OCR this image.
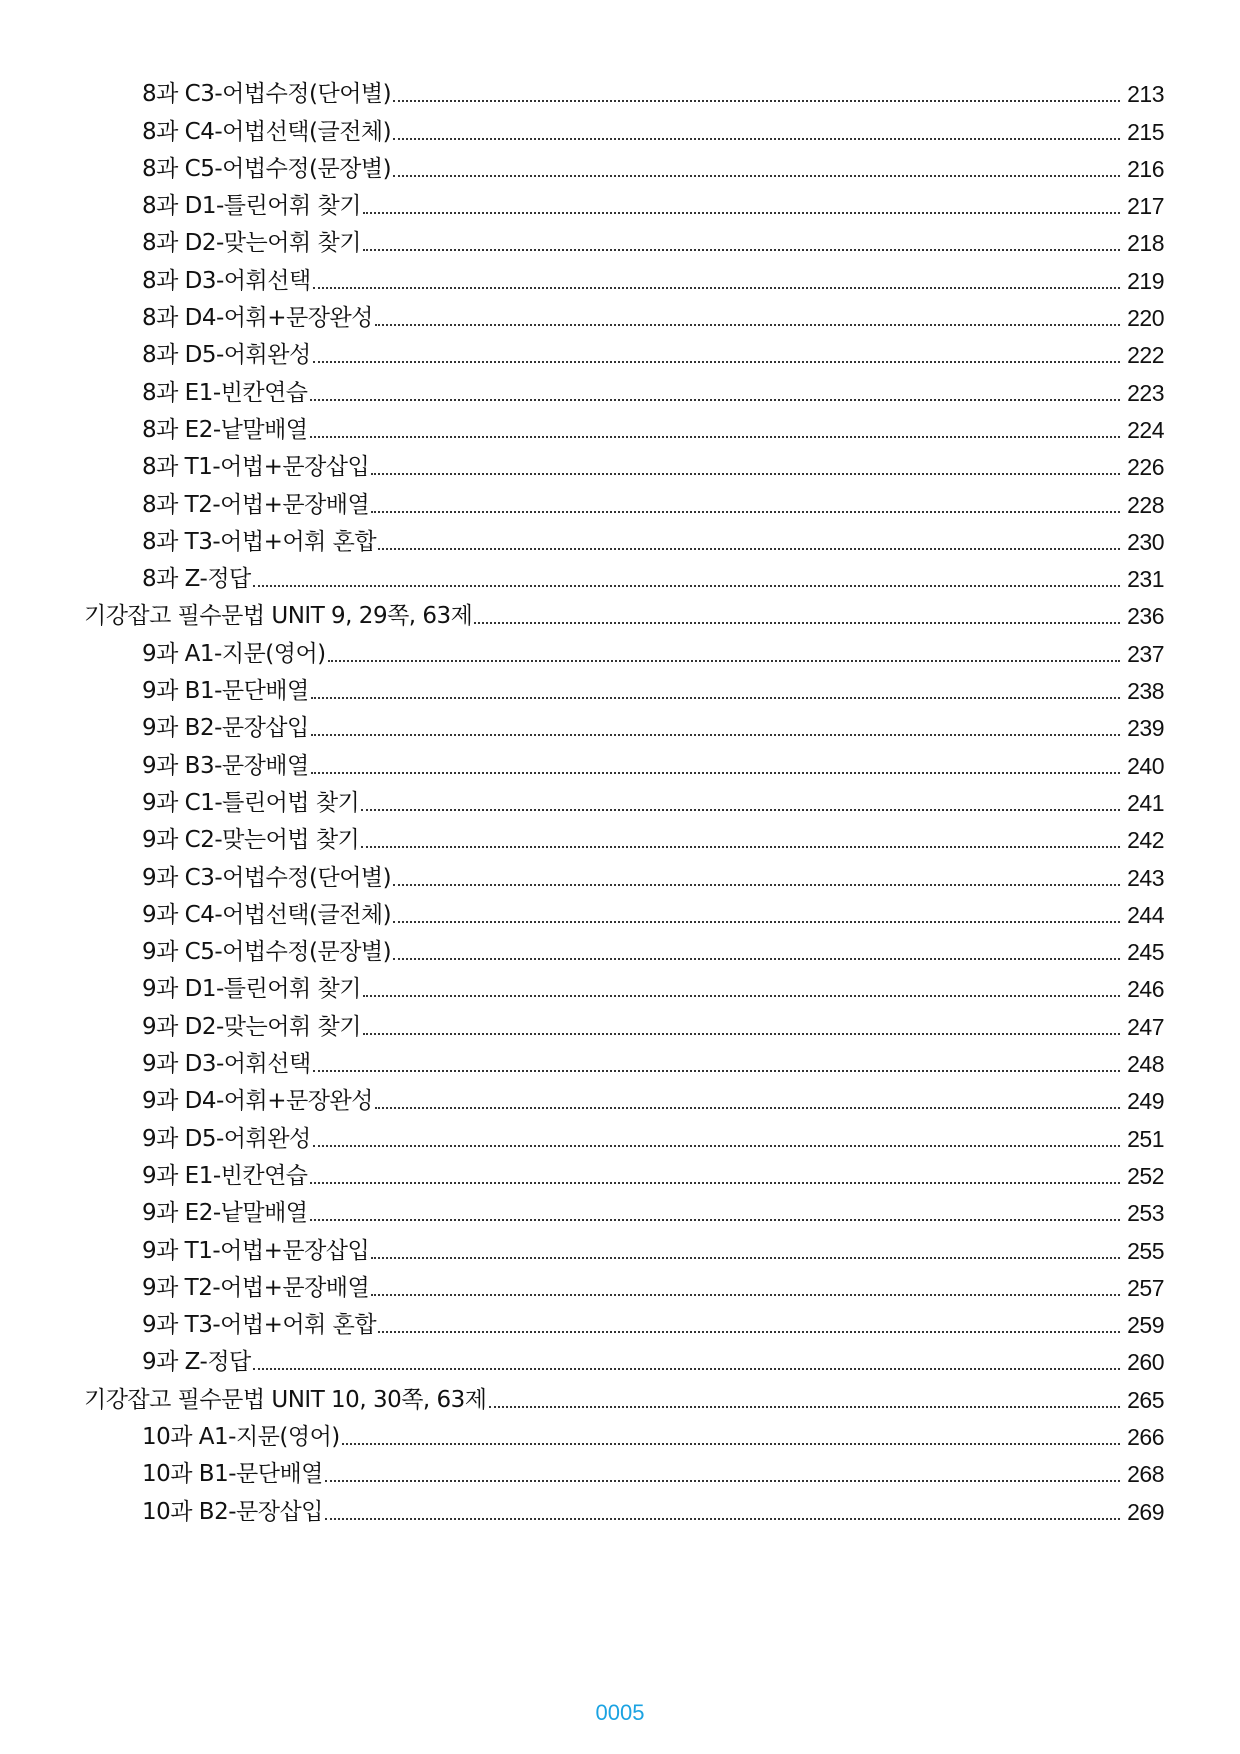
8과 C3-어법수정(단어별)	213
8과 C4-어법선택(글전체)	215
8과 C5-어법수정(문장별)	216
8과 D1-틀린어휘 찾기	217
8과 D2-맞는어휘 찾기	218
8과 D3-어휘선택	219
8과 D4-어휘+문장완성	220
8과 D5-어휘완성	222
8과 E1-빈칸연습	223
8과 E2-낱말배열	224
8과 T1-어법+문장삽입	226
8과 T2-어법+문장배열	228
8과 T3-어법+어휘 혼합	230
8과 Z-정답	231
기강잡고 필수문법 UNIT 9, 29쪽, 63제	236
9과 A1-지문(영어)	237
9과 B1-문단배열	238
9과 B2-문장삽입	239
9과 B3-문장배열	240
9과 C1-틀린어법 찾기	241
9과 C2-맞는어법 찾기	242
9과 C3-어법수정(단어별)	243
9과 C4-어법선택(글전체)	244
9과 C5-어법수정(문장별)	245
9과 D1-틀린어휘 찾기	246
9과 D2-맞는어휘 찾기	247
9과 D3-어휘선택	248
9과 D4-어휘+문장완성	249
9과 D5-어휘완성	251
9과 E1-빈칸연습	252
9과 E2-낱말배열	253
9과 T1-어법+문장삽입	255
9과 T2-어법+문장배열	257
9과 T3-어법+어휘 혼합	259
9과 Z-정답	260
기강잡고 필수문법 UNIT 10, 30쪽, 63제	265
10과 A1-지문(영어)	266
10과 B1-문단배열	268
10과 B2-문장삽입	269
0005
